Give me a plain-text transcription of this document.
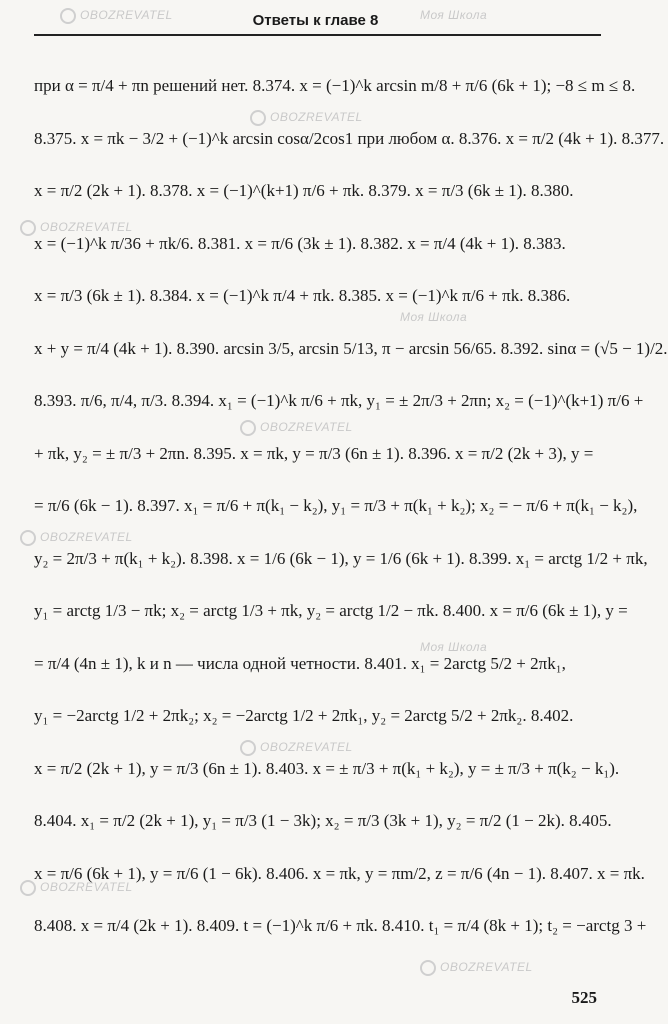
Ответы к главе 8
при α = π/4 + πn решений нет. 8.374. x = (−1)^k arcsin m/8 + π/6 (6k + 1); −8 ≤ m ≤ 8.
8.375. x = πk − 3/2 + (−1)^k arcsin cosα/2cos1 при любом α. 8.376. x = π/2 (4k + 1). 8.377.
x = π/2 (2k + 1). 8.378. x = (−1)^(k+1) π/6 + πk. 8.379. x = π/3 (6k ± 1). 8.380.
x = (−1)^k π/36 + πk/6. 8.381. x = π/6 (3k ± 1). 8.382. x = π/4 (4k + 1). 8.383.
x = π/3 (6k ± 1). 8.384. x = (−1)^k π/4 + πk. 8.385. x = (−1)^k π/6 + πk. 8.386.
x + y = π/4 (4k + 1). 8.390. arcsin 3/5, arcsin 5/13, π − arcsin 56/65. 8.392. sinα = (√5 − 1)/2.
8.393. π/6, π/4, π/3. 8.394. x₁ = (−1)^k π/6 + πk, y₁ = ± 2π/3 + 2πn; x₂ = (−1)^(k+1) π/6 +
+ πk, y₂ = ± π/3 + 2πn. 8.395. x = πk, y = π/3 (6n ± 1). 8.396. x = π/2 (2k + 3), y =
= π/6 (6k − 1). 8.397. x₁ = π/6 + π(k₁ − k₂), y₁ = π/3 + π(k₁ + k₂); x₂ = − π/6 + π(k₁ − k₂),
y₂ = 2π/3 + π(k₁ + k₂). 8.398. x = 1/6 (6k − 1), y = 1/6 (6k + 1). 8.399. x₁ = arctg 1/2 + πk,
y₁ = arctg 1/3 − πk; x₂ = arctg 1/3 + πk, y₂ = arctg 1/2 − πk. 8.400. x = π/6 (6k ± 1), y =
= π/4 (4n ± 1), k и n — числа одной четности. 8.401. x₁ = 2arctg 5/2 + 2πk₁,
y₁ = −2arctg 1/2 + 2πk₂; x₂ = −2arctg 1/2 + 2πk₁, y₂ = 2arctg 5/2 + 2πk₂. 8.402.
x = π/2 (2k + 1), y = π/3 (6n ± 1). 8.403. x = ± π/3 + π(k₁ + k₂), y = ± π/3 + π(k₂ − k₁).
8.404. x₁ = π/2 (2k + 1), y₁ = π/3 (1 − 3k); x₂ = π/3 (3k + 1), y₂ = π/2 (1 − 2k). 8.405.
x = π/6 (6k + 1), y = π/6 (1 − 6k). 8.406. x = πk, y = πm/2, z = π/6 (4n − 1). 8.407. x = πk.
8.408. x = π/4 (2k + 1). 8.409. t = (−1)^k π/6 + πk. 8.410. t₁ = π/4 (8k + 1); t₂ = −arctg 3 +
525
OBOZREVATEL	Моя Школа
OBOZREVATEL
OBOZREVATEL
Моя Школа
OBOZREVATEL
OBOZREVATEL
Моя Школа
OBOZREVATEL
OBOZREVATEL
OBOZREVATEL
